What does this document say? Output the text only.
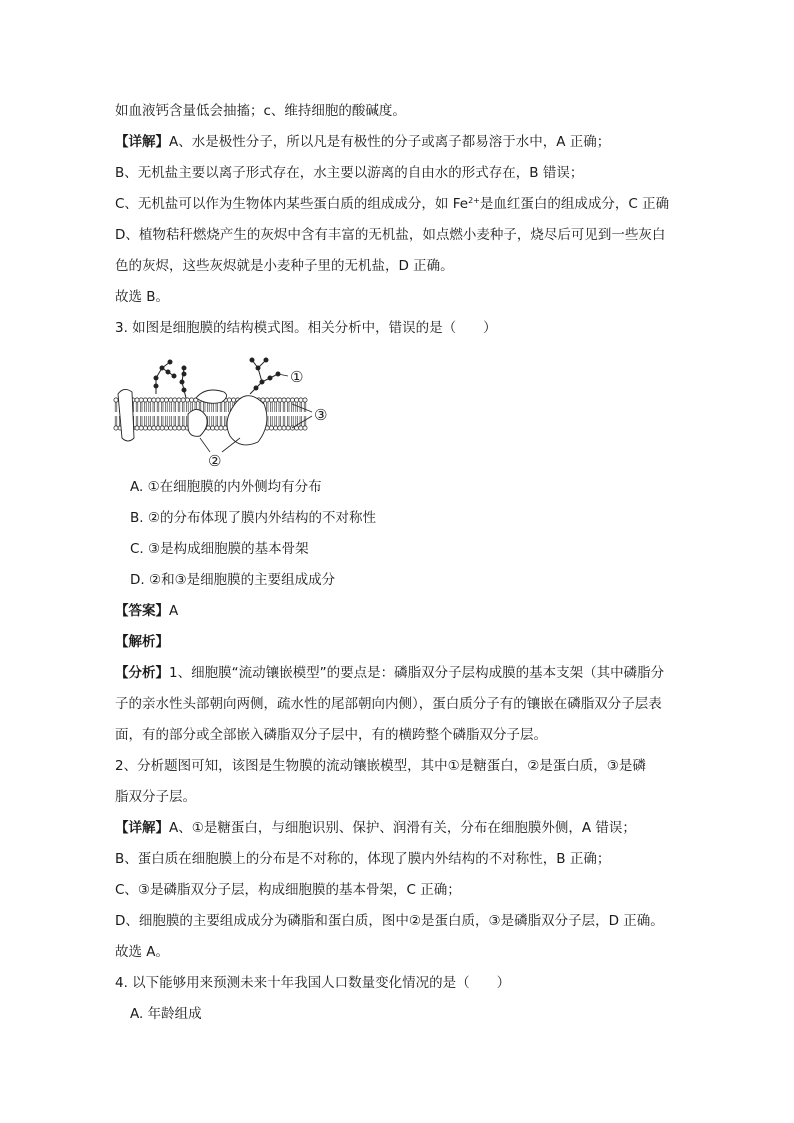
如血液钙含量低会抽搐；c、维持细胞的酸碱度。
【详解】A、水是极性分子，所以凡是有极性的分子或离子都易溶于水中，A 正确；
B、无机盐主要以离子形式存在，水主要以游离的自由水的形式存在，B 错误；
C、无机盐可以作为生物体内某些蛋白质的组成成分，如 $Fe^{2+}$是血红蛋白的组成成分，C 正确
D、植物秸秆燃烧产生的灰烬中含有丰富的无机盐，如点燃小麦种子，烧尽后可见到一些灰白
色的灰烬，这些灰烬就是小麦种子里的无机盐，D 正确。
故选 B。
3. 如图是细胞膜的结构模式图。相关分析中，错误的是（　　）
①
③
②
A. ①在细胞膜的内外侧均有分布
B. ②的分布体现了膜内外结构的不对称性
C. ③是构成细胞膜的基本骨架
D. ②和③是细胞膜的主要组成成分
【答案】A
【解析】
【分析】1、细胞膜“流动镶嵌模型”的要点是：磷脂双分子层构成膜的基本支架（其中磷脂分
子的亲水性头部朝向两侧，疏水性的尾部朝向内侧），蛋白质分子有的镶嵌在磷脂双分子层表
面，有的部分或全部嵌入磷脂双分子层中，有的横跨整个磷脂双分子层。
2、分析题图可知，该图是生物膜的流动镶嵌模型，其中①是糖蛋白，②是蛋白质，③是磷
脂双分子层。
【详解】A、①是糖蛋白，与细胞识别、保护、润滑有关，分布在细胞膜外侧，A 错误；
B、蛋白质在细胞膜上的分布是不对称的，体现了膜内外结构的不对称性，B 正确；
C、③是磷脂双分子层，构成细胞膜的基本骨架，C 正确；
D、细胞膜的主要组成成分为磷脂和蛋白质，图中②是蛋白质，③是磷脂双分子层，D 正确。
故选 A。
4. 以下能够用来预测未来十年我国人口数量变化情况的是（　　）
A. 年龄组成
